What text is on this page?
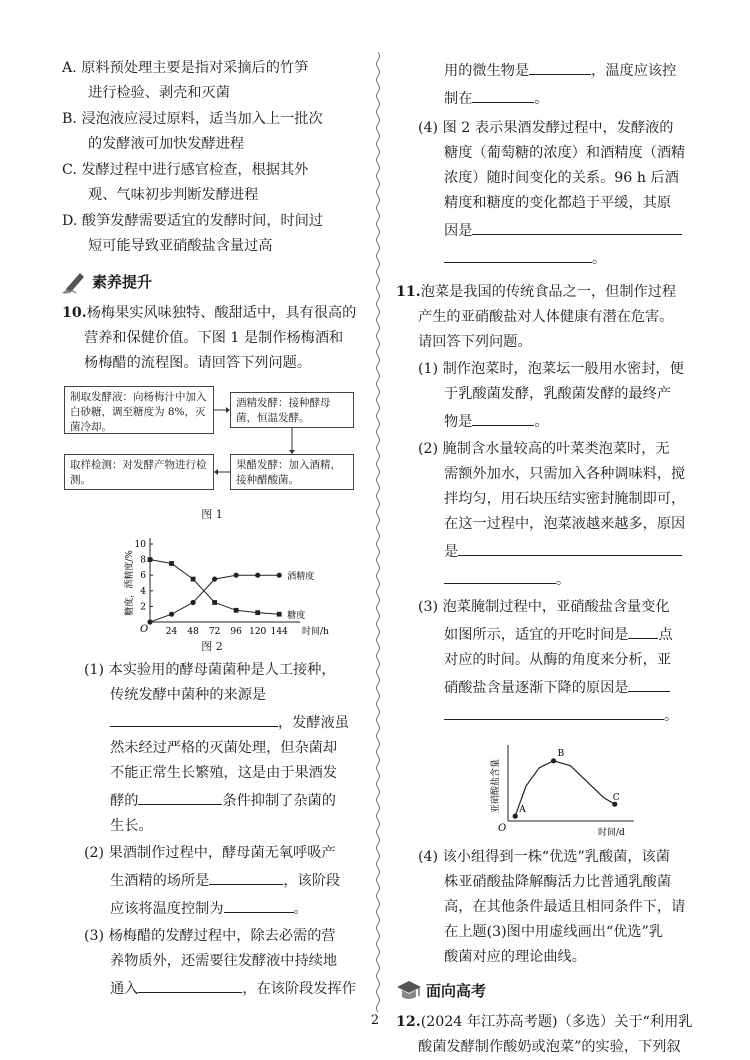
A. 原料预处理主要是指对采摘后的竹笋
进行检验、剥壳和灭菌

B. 浸泡液应浸过原料，适当加入上一批次
的发酵液可加快发酵进程

C. 发酵过程中进行感官检查，根据其外
观、气味初步判断发酵进程

D. 酸笋发酵需要适宜的发酵时间，时间过
短可能导致亚硝酸盐含量过高

素养提升

10.杨梅果实风味独特、酸甜适中，具有很高的
营养和保健价值。下图 1 是制作杨梅酒和
杨梅醋的流程图。请回答下列问题。

制取发酵液：向杨梅汁中加入白砂糖，调至糖度为 8%，灭菌冷却。
酒精发酵：接种酵母菌，恒温发酵。
果醋发酵：加入酒精，接种醋酸菌。
取样检测：对发酵产物进行检测。
图 1
O 24 48 72 96 120 144
2
4
6
8
10
时间/h
糖度，酒精度/%	酒精度
糖度
图 2

(1) 本实验用的酵母菌菌种是人工接种，

传统发酵中菌种的来源是

，发酵液虽

然未经过严格的灭菌处理，但杂菌却

不能正常生长繁殖，这是由于果酒发

酵的	条件抑制了杂菌的

生长。

(2) 果酒制作过程中，酵母菌无氧呼吸产

生酒精的场所是	，该阶段

应该将温度控制为	。

(3) 杨梅醋的发酵过程中，除去必需的营

养物质外，还需要往发酵液中持续地

通入	，在该阶段发挥作

用的微生物是	，温度应该控

制在	。

(4) 图 2 表示果酒发酵过程中，发酵液的

糖度（葡萄糖的浓度）和酒精度（酒精

浓度）随时间变化的关系。96 h 后酒

精度和糖度的变化都趋于平缓，其原

因是

。

11.泡菜是我国的传统食品之一，但制作过程
产生的亚硝酸盐对人体健康有潜在危害。
请回答下列问题。

(1) 制作泡菜时，泡菜坛一般用水密封，便

于乳酸菌发酵，乳酸菌发酵的最终产

物是	。

(2) 腌制含水量较高的叶菜类泡菜时，无

需额外加水，只需加入各种调味料，搅

拌均匀，用石块压结实密封腌制即可，

在这一过程中，泡菜液越来越多，原因

是

。

(3) 泡菜腌制过程中，亚硝酸盐含量变化

如图所示，适宜的开吃时间是 点

对应的时间。从酶的角度来分析，亚

硝酸盐含量逐渐下降的原因是

。

O	时间/d
亚硝酸盐含量 A
B
C

(4) 该小组得到一株“优选”乳酸菌，该菌

株亚硝酸盐降解酶活力比普通乳酸菌

高，在其他条件最适且相同条件下，请

在上题(3)图中用虚线画出“优选”乳

酸菌对应的理论曲线。

面向高考

12.(2024 年江苏高考题)（多选）关于“利用乳
酸菌发酵制作酸奶或泡菜”的实验，下列叙

2
